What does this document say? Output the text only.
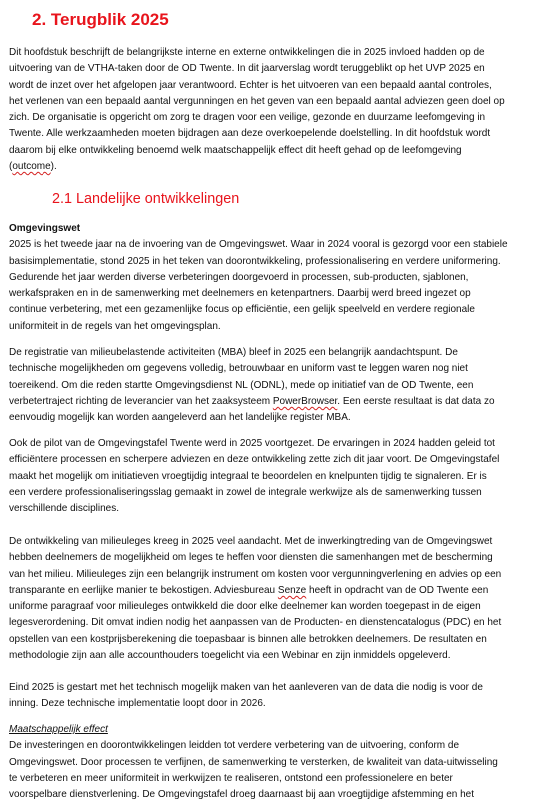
2. Terugblik 2025
Dit hoofdstuk beschrijft de belangrijkste interne en externe ontwikkelingen die in 2025 invloed hadden op de
uitvoering van de VTHA-taken door de OD Twente. In dit jaarverslag wordt teruggeblikt op het UVP 2025 en
wordt de inzet over het afgelopen jaar verantwoord. Echter is het uitvoeren van een bepaald aantal controles,
het verlenen van een bepaald aantal vergunningen en het geven van een bepaald aantal adviezen geen doel op
zich. De organisatie is opgericht om zorg te dragen voor een veilige, gezonde en duurzame leefomgeving in
Twente. Alle werkzaamheden moeten bijdragen aan deze overkoepelende doelstelling. In dit hoofdstuk wordt
daarom bij elke ontwikkeling benoemd welk maatschappelijk effect dit heeft gehad op de leefomgeving
(outcome).
2.1 Landelijke ontwikkelingen
Omgevingswet
2025 is het tweede jaar na de invoering van de Omgevingswet. Waar in 2024 vooral is gezorgd voor een stabiele
basisimplementatie, stond 2025 in het teken van doorontwikkeling, professionalisering en verdere uniformering.
Gedurende het jaar werden diverse verbeteringen doorgevoerd in processen, sub-producten, sjablonen,
werkafspraken en in de samenwerking met deelnemers en ketenpartners. Daarbij werd breed ingezet op
continue verbetering, met een gezamenlijke focus op efficiëntie, een gelijk speelveld en verdere regionale
uniformiteit in de regels van het omgevingsplan.
De registratie van milieubelastende activiteiten (MBA) bleef in 2025 een belangrijk aandachtspunt. De
technische mogelijkheden om gegevens volledig, betrouwbaar en uniform vast te leggen waren nog niet
toereikend. Om die reden startte Omgevingsdienst NL (ODNL), mede op initiatief van de OD Twente, een
verbetertraject richting de leverancier van het zaaksysteem PowerBrowser. Een eerste resultaat is dat data zo
eenvoudig mogelijk kan worden aangeleverd aan het landelijke register MBA.
Ook de pilot van de Omgevingstafel Twente werd in 2025 voortgezet. De ervaringen in 2024 hadden geleid tot
efficiëntere processen en scherpere adviezen en deze ontwikkeling zette zich dit jaar voort. De Omgevingstafel
maakt het mogelijk om initiatieven vroegtijdig integraal te beoordelen en knelpunten tijdig te signaleren. Er is
een verdere professionaliseringsslag gemaakt in zowel de integrale werkwijze als de samenwerking tussen
verschillende disciplines.
De ontwikkeling van milieuleges kreeg in 2025 veel aandacht. Met de inwerkingtreding van de Omgevingswet
hebben deelnemers de mogelijkheid om leges te heffen voor diensten die samenhangen met de bescherming
van het milieu. Milieuleges zijn een belangrijk instrument om kosten voor vergunningverlening en advies op een
transparante en eerlijke manier te bekostigen. Adviesbureau Senze heeft in opdracht van de OD Twente een
uniforme paragraaf voor milieuleges ontwikkeld die door elke deelnemer kan worden toegepast in de eigen
legesverordening. Dit omvat indien nodig het aanpassen van de Producten- en dienstencatalogus (PDC) en het
opstellen van een kostprijsberekening die toepasbaar is binnen alle betrokken deelnemers. De resultaten en
methodologie zijn aan alle accounthouders toegelicht via een Webinar en zijn inmiddels opgeleverd.
Eind 2025 is gestart met het technisch mogelijk maken van het aanleveren van de data die nodig is voor de
inning. Deze technische implementatie loopt door in 2026.
Maatschappelijk effect
De investeringen en doorontwikkelingen leidden tot verdere verbetering van de uitvoering, conform de
Omgevingswet. Door processen te verfijnen, de samenwerking te versterken, de kwaliteit van data-uitwisseling
te verbeteren en meer uniformiteit in werkwijzen te realiseren, ontstond een professionelere en beter
voorspelbare dienstverlening. De Omgevingstafel droeg daarnaast bij aan vroegtijdige afstemming en het
